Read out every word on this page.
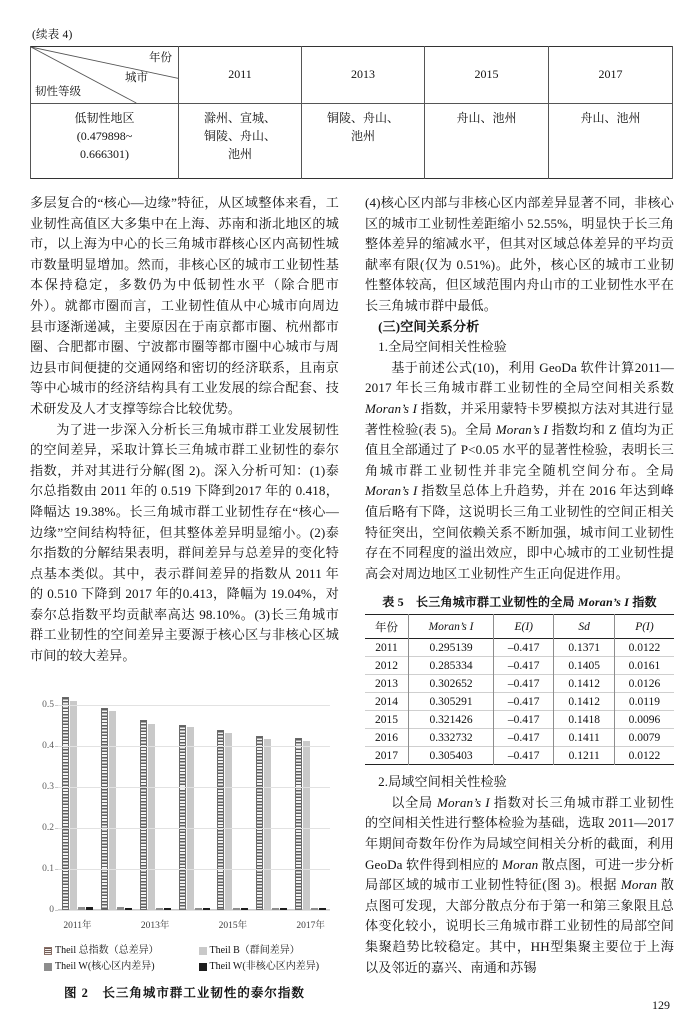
(续表 4)
年份
城市
韧性等级	2011	2013	2015	2017

低韧性地区
(0.479898~
0.666301)	滁州、宣城、
铜陵、舟山、
池州	铜陵、舟山、
池州	舟山、池州	舟山、池州

多层复合的“核心—边缘”特征，从区域整体来看，工业韧性高值区大多集中在上海、苏南和浙北地区的城市，以上海为中心的长三角城市群核心区内高韧性城市数量明显增加。然而，非核心区的城市工业韧性基本保持稳定，多数仍为中低韧性水平（除合肥市外）。就都市圈而言，工业韧性值从中心城市向周边县市逐渐递减，主要原因在于南京都市圈、杭州都市圈、合肥都市圈、宁波都市圈等都市圈中心城市与周边县市间便捷的交通网络和密切的经济联系，且南京等中心城市的经济结构具有工业发展的综合配套、技术研发及人才支撑等综合比较优势。

为了进一步深入分析长三角城市群工业发展韧性的空间差异，采取计算长三角城市群工业韧性的泰尔指数，并对其进行分解(图 2)。深入分析可知：(1)泰尔总指数由 2011 年的 0.519 下降到2017 年的 0.418，降幅达 19.38%。长三角城市群工业韧性存在“核心—边缘”空间结构特征，但其整体差异明显缩小。(2)泰尔指数的分解结果表明，群间差异与总差异的变化特点基本类似。其中，表示群间差异的指数从 2011 年的 0.510 下降到 2017 年的0.413，降幅为 19.04%，对泰尔总指数平均贡献率高达 98.10%。(3)长三角城市群工业韧性的空间差异主要源于核心区与非核心区城市间的较大差异。

0
0.1
0.2
0.3
0.4
0.5
2011年	2013年	2015年	2017年
Theil 总指数（总差异）	Theil B（群间差异）
Theil W(核心区内差异)	Theil W(非核心区内差异)
图 2　长三角城市群工业韧性的泰尔指数

(4)核心区内部与非核心区内部差异显著不同，非核心区的城市工业韧性差距缩小 52.55%，明显快于长三角整体差异的缩减水平，但其对区域总体差异的平均贡献率有限(仅为 0.51%)。此外，核心区的城市工业韧性整体较高，但区域范围内舟山市的工业韧性水平在长三角城市群中最低。

(三)空间关系分析

1.全局空间相关性检验

基于前述公式(10)，利用 GeoDa 软件计算2011—2017 年长三角城市群工业韧性的全局空间相关系数 Moran’s I 指数，并采用蒙特卡罗模拟方法对其进行显著性检验(表 5)。全局 Moran’s I 指数均和 Z 值均为正值且全部通过了 P<0.05 水平的显著性检验，表明长三角城市群工业韧性并非完全随机空间分布。全局 Moran’s I 指数呈总体上升趋势，并在 2016 年达到峰值后略有下降，这说明长三角工业韧性的空间正相关特征突出，空间依赖关系不断加强，城市间工业韧性存在不同程度的溢出效应，即中心城市的工业韧性提高会对周边地区工业韧性产生正向促进作用。

表 5　长三角城市群工业韧性的全局 Moran’s I 指数
年份	Moran’s I	E(I)	Sd	P(I)
2011	0.295139	–0.417	0.1371	0.0122
2012	0.285334	–0.417	0.1405	0.0161
2013	0.302652	–0.417	0.1412	0.0126
2014	0.305291	–0.417	0.1412	0.0119
2015	0.321426	–0.417	0.1418	0.0096
2016	0.332732	–0.417	0.1411	0.0079
2017	0.305403	–0.417	0.1211	0.0122

2.局域空间相关性检验

以全局 Moran’s I 指数对长三角城市群工业韧性的空间相关性进行整体检验为基础，选取 2011—2017 年期间奇数年份作为局域空间相关分析的截面，利用 GeoDa 软件得到相应的 Moran 散点图，可进一步分析局部区域的城市工业韧性特征(图 3)。根据 Moran 散点图可发现，大部分散点分布于第一和第三象限且总体变化较小，说明长三角城市群工业韧性的局部空间集聚趋势比较稳定。其中，HH型集聚主要位于上海以及邻近的嘉兴、南通和苏锡

129
